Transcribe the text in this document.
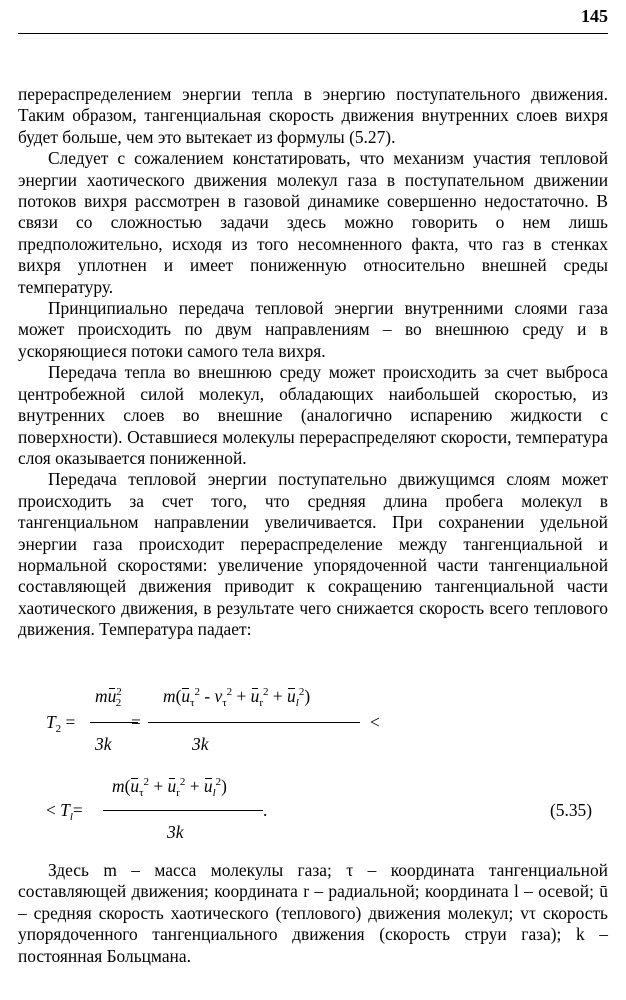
145

перераспределением энергии тепла в энергию поступательного движения. Таким образом, тангенциальная скорость движения внутренних слоев вихря будет больше, чем это вытекает из формулы (5.27).

Следует с сожалением констатировать, что механизм участия тепловой энергии хаотического движения молекул газа в поступательном движении потоков вихря рассмотрен в газовой динамике совершенно недостаточно. В связи со сложностью задачи здесь можно говорить о нем лишь предположительно, исходя из того несомненного факта, что газ в стенках вихря уплотнен и имеет пониженную относительно внешней среды температуру.

Принципиально передача тепловой энергии внутренними слоями газа может происходить по двум направлениям – во внешнюю среду и в ускоряющиеся потоки самого тела вихря.

Передача тепла во внешнюю среду может происходить за счет выброса центробежной силой молекул, обладающих наибольшей скоростью, из внутренних слоев во внешние (аналогично испарению жидкости с поверхности). Оставшиеся молекулы перераспределяют скорости, температура слоя оказывается пониженной.

Передача тепловой энергии поступательно движущимся слоям может происходить за счет того, что средняя длина пробега молекул в тангенциальном направлении увеличивается. При сохранении удельной энергии газа происходит перераспределение между тангенциальной и нормальной скоростями: увеличение упорядоченной части тангенциальной составляющей движения приводит к сокращению тангенциальной части хаотического движения, в результате чего снижается скорость всего теплового движения. Температура падает:

$T_2$ =
$mu^2_2$
3k
=
$m(u_\tau^2 - v_\tau^2 + u_r^2 + u_l^2)$
3k
<
< $T_l=$
$m(u_\tau^2 + u_r^2 + u_l^2)$
.
3k
(5.35)

Здесь m – масса молекулы газа; τ – координата тангенциальной составляющей движения; координата r – радиальной; координата l – осевой; ū – средняя скорость хаотического (теплового) движения молекул; vτ скорость упорядоченного тангенциального движения (скорость струи газа); k – постоянная Больцмана.
